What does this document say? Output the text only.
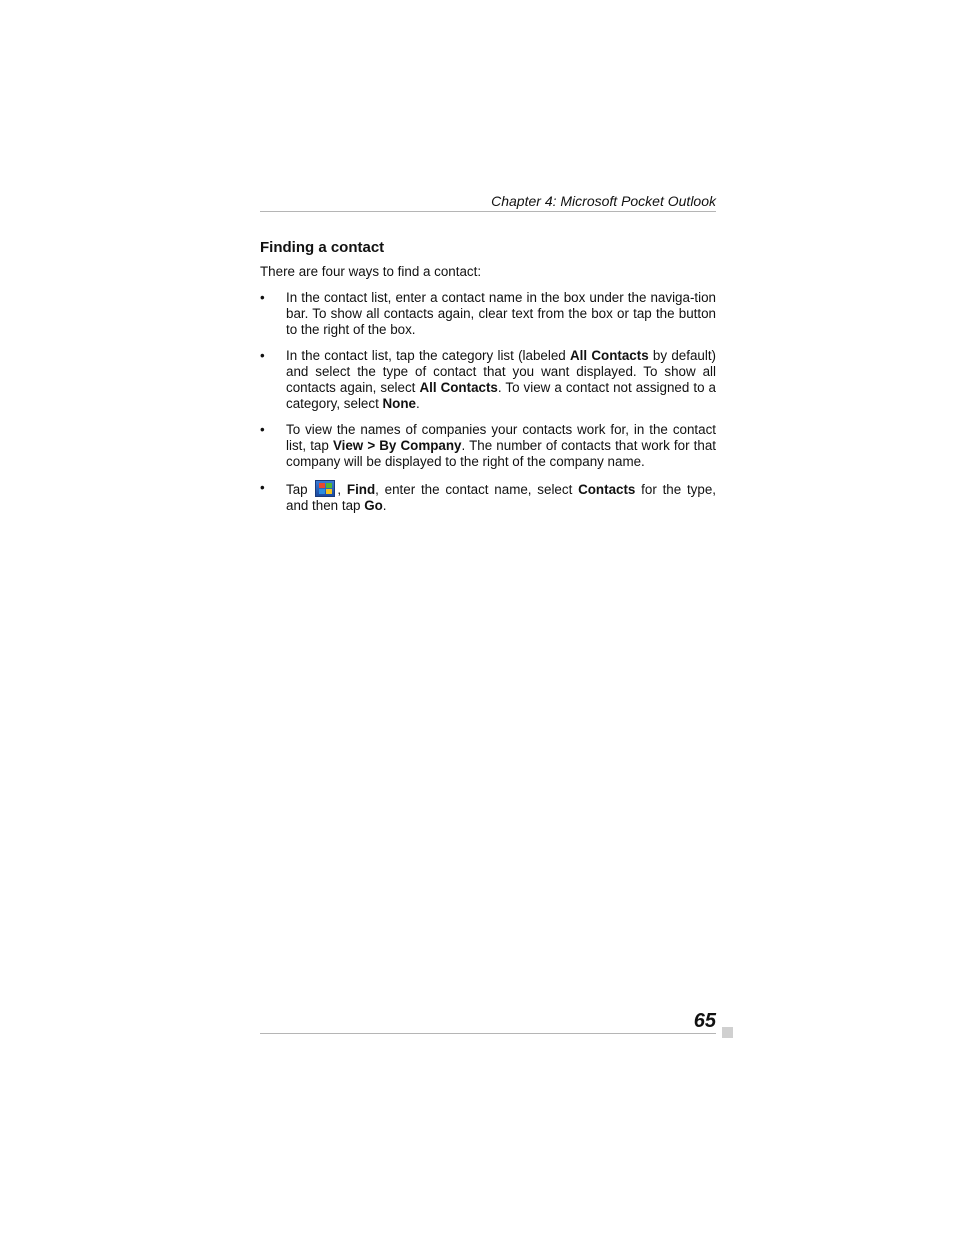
Chapter 4: Microsoft Pocket Outlook
Finding a contact

There are four ways to find a contact:

• In the contact list, enter a contact name in the box under the naviga-tion bar. To show all contacts again, clear text from the box or tap the button to the right of the box.
• In the contact list, tap the category list (labeled All Contacts by default) and select the type of contact that you want displayed. To show all contacts again, select All Contacts. To view a contact not assigned to a category, select None.
• To view the names of companies your contacts work for, in the contact list, tap View > By Company. The number of contacts that work for that company will be displayed to the right of the company name.
• Tap
, Find, enter the contact name, select Contacts for the type, and then tap Go.
65
